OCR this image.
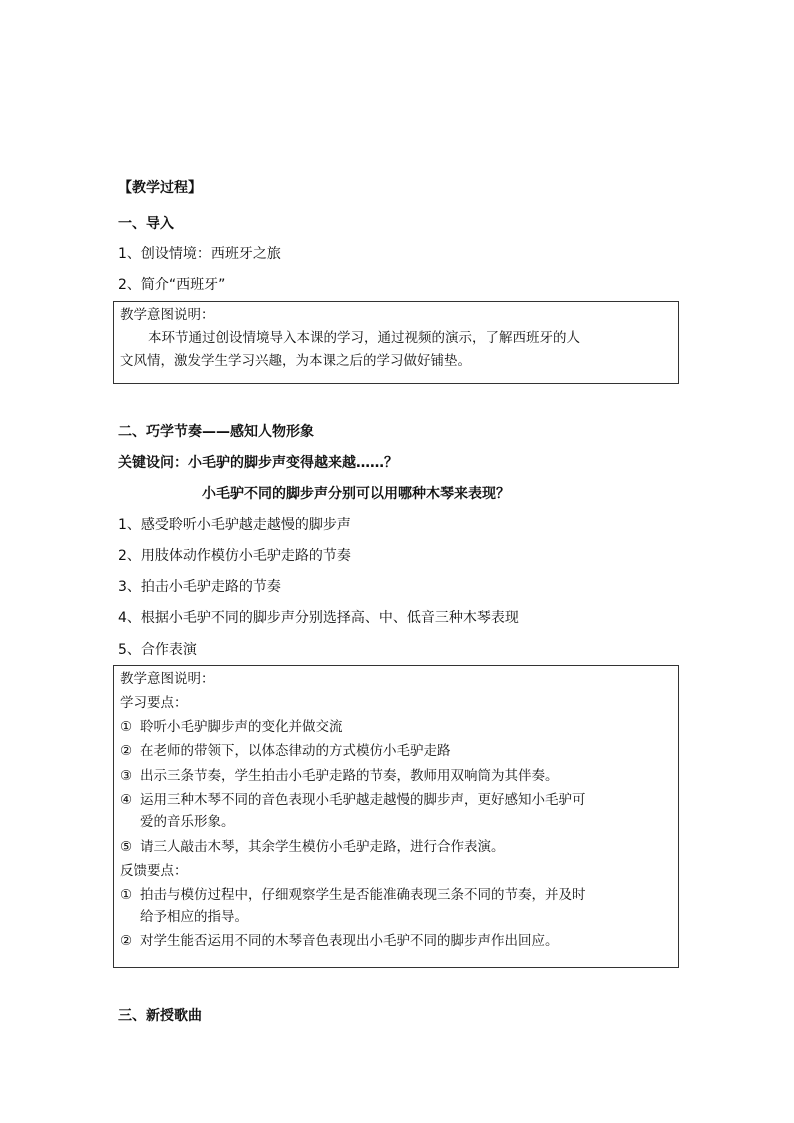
【教学过程】
一、导入
1、创设情境：西班牙之旅
2、简介“西班牙”
教学意图说明：
本环节通过创设情境导入本课的学习，通过视频的演示，了解西班牙的人
文风情，激发学生学习兴趣，为本课之后的学习做好铺垫。
二、巧学节奏——感知人物形象
关键设问：小毛驴的脚步声变得越来越……？
小毛驴不同的脚步声分别可以用哪种木琴来表现？
1、感受聆听小毛驴越走越慢的脚步声
2、用肢体动作模仿小毛驴走路的节奏
3、拍击小毛驴走路的节奏
4、根据小毛驴不同的脚步声分别选择高、中、低音三种木琴表现
5、合作表演
教学意图说明：
学习要点：
① 聆听小毛驴脚步声的变化并做交流
② 在老师的带领下，以体态律动的方式模仿小毛驴走路
③ 出示三条节奏，学生拍击小毛驴走路的节奏，教师用双响筒为其伴奏。
④ 运用三种木琴不同的音色表现小毛驴越走越慢的脚步声，更好感知小毛驴可
爱的音乐形象。
⑤ 请三人敲击木琴，其余学生模仿小毛驴走路，进行合作表演。
反馈要点：
① 拍击与模仿过程中，仔细观察学生是否能准确表现三条不同的节奏，并及时
给予相应的指导。
② 对学生能否运用不同的木琴音色表现出小毛驴不同的脚步声作出回应。
三、新授歌曲
